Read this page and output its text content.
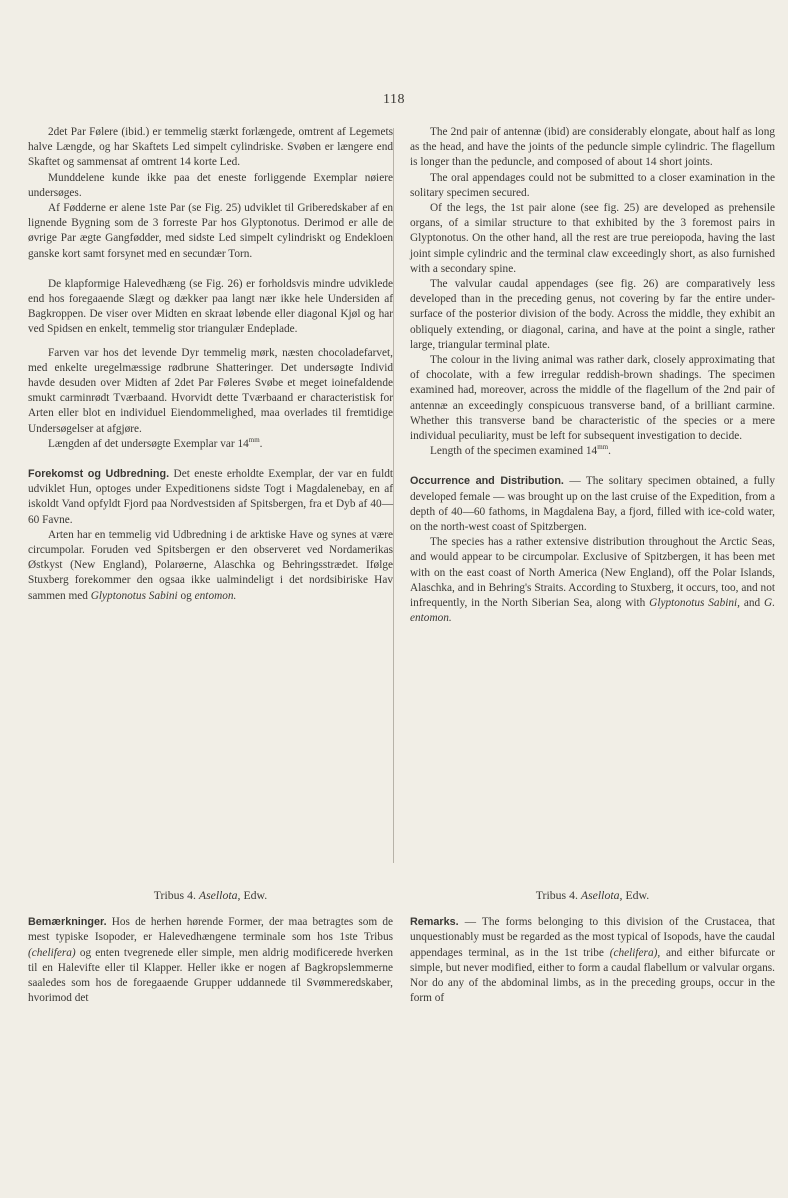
118

2det Par Følere (ibid.) er temmelig stærkt forlængede, omtrent af Legemets halve Længde, og har Skaftets Led simpelt cylindriske. Svøben er længere end Skaftet og sammensat af omtrent 14 korte Led.

Munddelene kunde ikke paa det eneste forliggende Exemplar nøiere undersøges.

Af Fødderne er alene 1ste Par (se Fig. 25) udviklet til Griberedskaber af en lignende Bygning som de 3 forreste Par hos Glyptonotus. Derimod er alle de øvrige Par ægte Gangfødder, med sidste Led simpelt cylindriskt og Endekloen ganske kort samt forsynet med en secundær Torn.

De klapformige Halevedhæng (se Fig. 26) er forholdsvis mindre udviklede end hos foregaaende Slægt og dækker paa langt nær ikke hele Undersiden af Bagkroppen. De viser over Midten en skraat løbende eller diagonal Kjøl og har ved Spidsen en enkelt, temmelig stor triangulær Endeplade.

Farven var hos det levende Dyr temmelig mørk, næsten chocoladefarvet, med enkelte uregelmæssige rødbrune Shatteringer. Det undersøgte Individ havde desuden over Midten af 2det Par Føleres Svøbe et meget ioinefaldende smukt carminrødt Tværbaand. Hvorvidt dette Tværbaand er characteristisk for Arten eller blot en individuel Eiendommelighed, maa overlades til fremtidige Undersøgelser at afgjøre.

Længden af det undersøgte Exemplar var $14^{mm}$.

Forekomst og Udbredning. Det eneste erholdte Exemplar, der var en fuldt udviklet Hun, optoges under Expeditionens sidste Togt i Magdalenebay, en af iskoldt Vand opfyldt Fjord paa Nordvestsiden af Spitsbergen, fra et Dyb af 40—60 Favne.

Arten har en temmelig vid Udbredning i de arktiske Have og synes at være circumpolar. Foruden ved Spitsbergen er den observeret ved Nordamerikas Østkyst (New England), Polarøerne, Alaschka og Behringsstrædet. Ifølge Stuxberg forekommer den ogsaa ikke ualmindeligt i det nordsibiriske Hav sammen med Glyptonotus Sabini og entomon.

Tribus 4. Asellota, Edw.

Bemærkninger. Hos de herhen hørende Former, der maa betragtes som de mest typiske Isopoder, er Halevedhængene terminale som hos 1ste Tribus (chelifera) og enten tvegrenede eller simple, men aldrig modificerede hverken til en Halevifte eller til Klapper. Heller ikke er nogen af Bagkropslemmerne saaledes som hos de foregaaende Grupper uddannede til Svømmeredskaber, hvorimod det

The 2nd pair of antennæ (ibid) are considerably elongate, about half as long as the head, and have the joints of the peduncle simple cylindric. The flagellum is longer than the peduncle, and composed of about 14 short joints.

The oral appendages could not be submitted to a closer examination in the solitary specimen secured.

Of the legs, the 1st pair alone (see fig. 25) are developed as prehensile organs, of a similar structure to that exhibited by the 3 foremost pairs in Glyptonotus. On the other hand, all the rest are true pereiopoda, having the last joint simple cylindric and the terminal claw exceedingly short, as also furnished with a secondary spine.

The valvular caudal appendages (see fig. 26) are comparatively less developed than in the preceding genus, not covering by far the entire under-surface of the posterior division of the body. Across the middle, they exhibit an obliquely extending, or diagonal, carina, and have at the point a single, rather large, triangular terminal plate.

The colour in the living animal was rather dark, closely approximating that of chocolate, with a few irregular reddish-brown shadings. The specimen examined had, moreover, across the middle of the flagellum of the 2nd pair of antennæ an exceedingly conspicuous transverse band, of a brilliant carmine. Whether this transverse band be characteristic of the species or a mere individual peculiarity, must be left for subsequent investigation to decide.

Length of the specimen examined $14^{mm}$.

Occurrence and Distribution. — The solitary specimen obtained, a fully developed female — was brought up on the last cruise of the Expedition, from a depth of 40—60 fathoms, in Magdalena Bay, a fjord, filled with ice-cold water, on the north-west coast of Spitzbergen.

The species has a rather extensive distribution throughout the Arctic Seas, and would appear to be circumpolar. Exclusive of Spitzbergen, it has been met with on the east coast of North America (New England), off the Polar Islands, Alaschka, and in Behring's Straits. According to Stuxberg, it occurs, too, and not infrequently, in the North Siberian Sea, along with Glyptonotus Sabini, and G. entomon.

Tribus 4. Asellota, Edw.

Remarks. — The forms belonging to this division of the Crustacea, that unquestionably must be regarded as the most typical of Isopods, have the caudal appendages terminal, as in the 1st tribe (chelifera), and either bifurcate or simple, but never modified, either to form a caudal flabellum or valvular organs. Nor do any of the abdominal limbs, as in the preceding groups, occur in the form of
